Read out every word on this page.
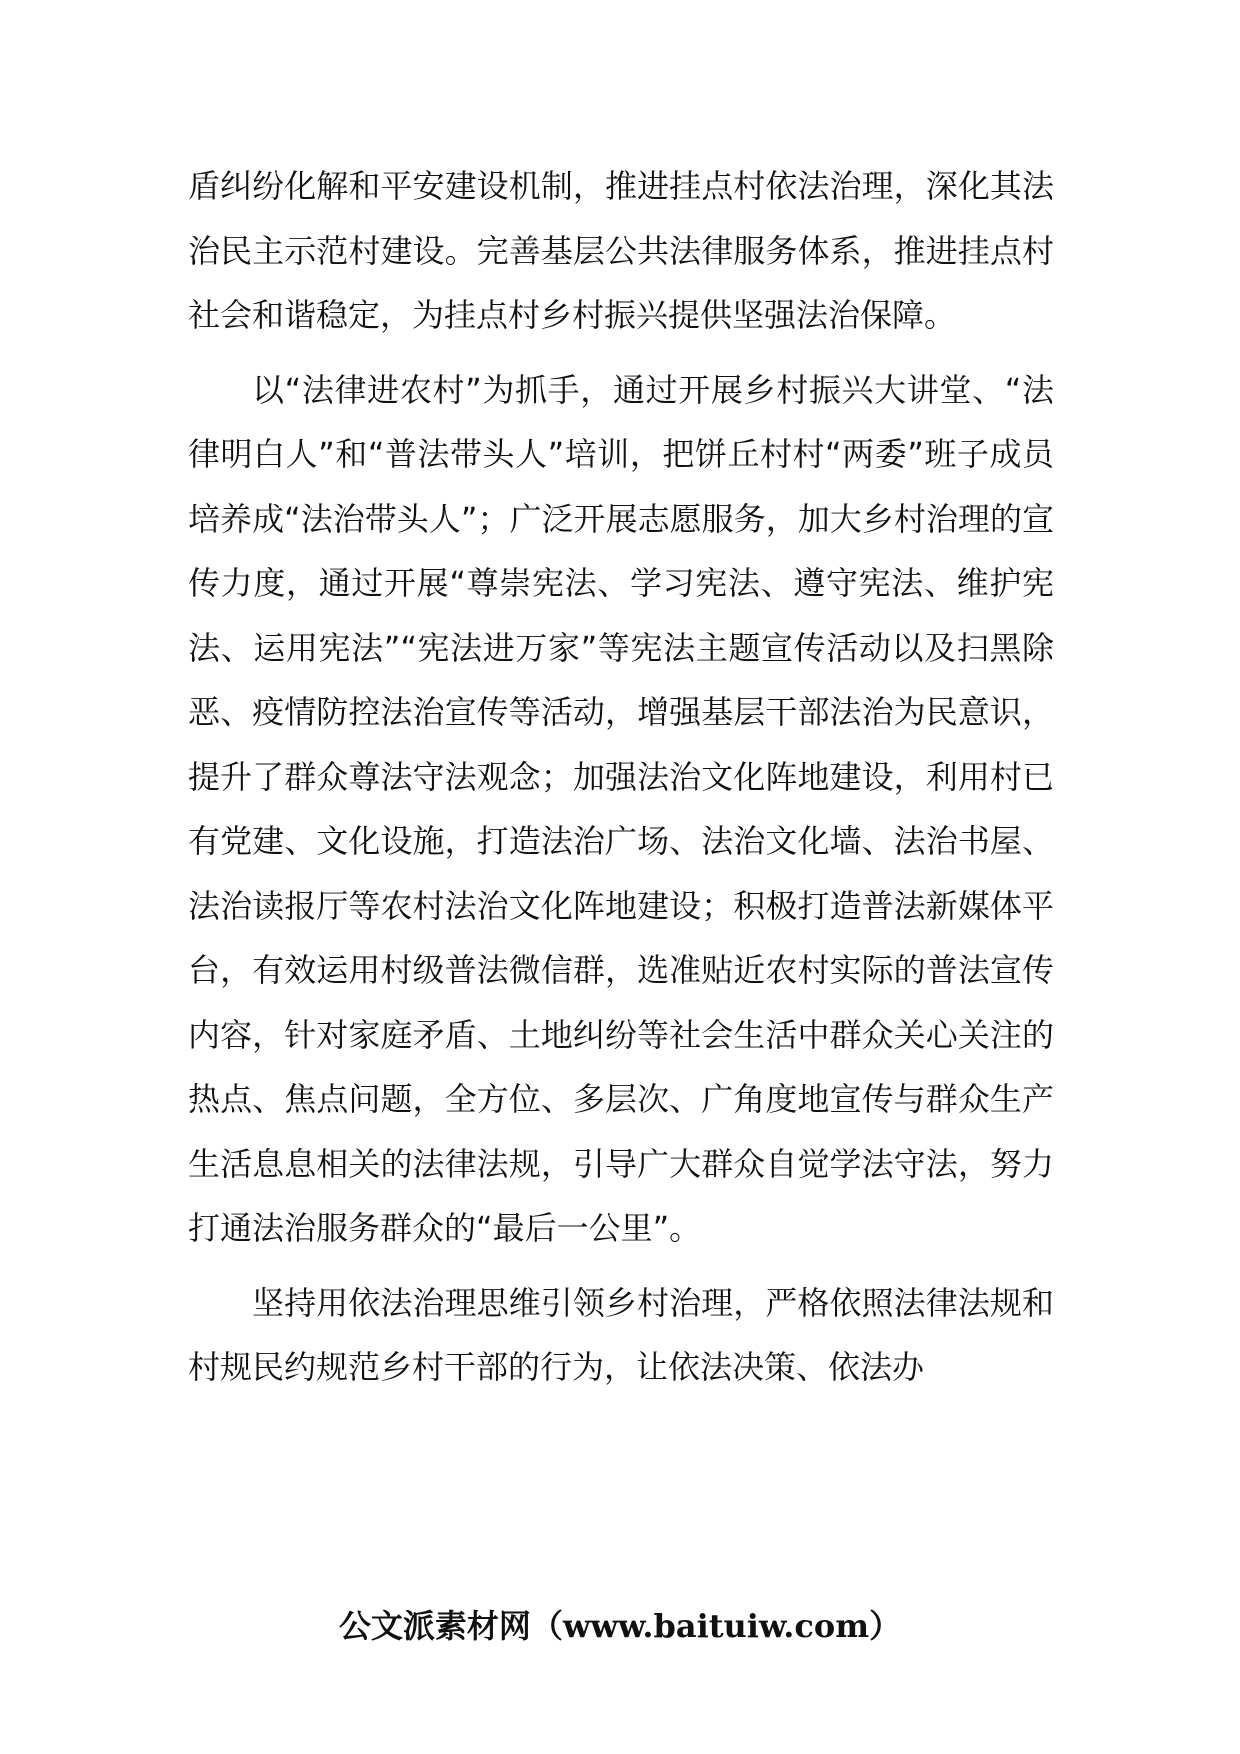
盾纠纷化解和平安建设机制，推进挂点村依法治理，深化其法治民主示范村建设。完善基层公共法律服务体系，推进挂点村社会和谐稳定，为挂点村乡村振兴提供坚强法治保障。

以“法律进农村”为抓手，通过开展乡村振兴大讲堂、“法律明白人”和“普法带头人”培训，把饼丘村村“两委”班子成员培养成“法治带头人”；广泛开展志愿服务，加大乡村治理的宣传力度，通过开展“尊崇宪法、学习宪法、遵守宪法、维护宪法、运用宪法”“宪法进万家”等宪法主题宣传活动以及扫黑除恶、疫情防控法治宣传等活动，增强基层干部法治为民意识，提升了群众尊法守法观念；加强法治文化阵地建设，利用村已有党建、文化设施，打造法治广场、法治文化墙、法治书屋、法治读报厅等农村法治文化阵地建设；积极打造普法新媒体平台，有效运用村级普法微信群，选准贴近农村实际的普法宣传内容，针对家庭矛盾、土地纠纷等社会生活中群众关心关注的热点、焦点问题，全方位、多层次、广角度地宣传与群众生产生活息息相关的法律法规，引导广大群众自觉学法守法，努力打通法治服务群众的“最后一公里”。

坚持用依法治理思维引领乡村治理，严格依照法律法规和村规民约规范乡村干部的行为，让依法决策、依法办

公文派素材网（www.baituiw.com）
